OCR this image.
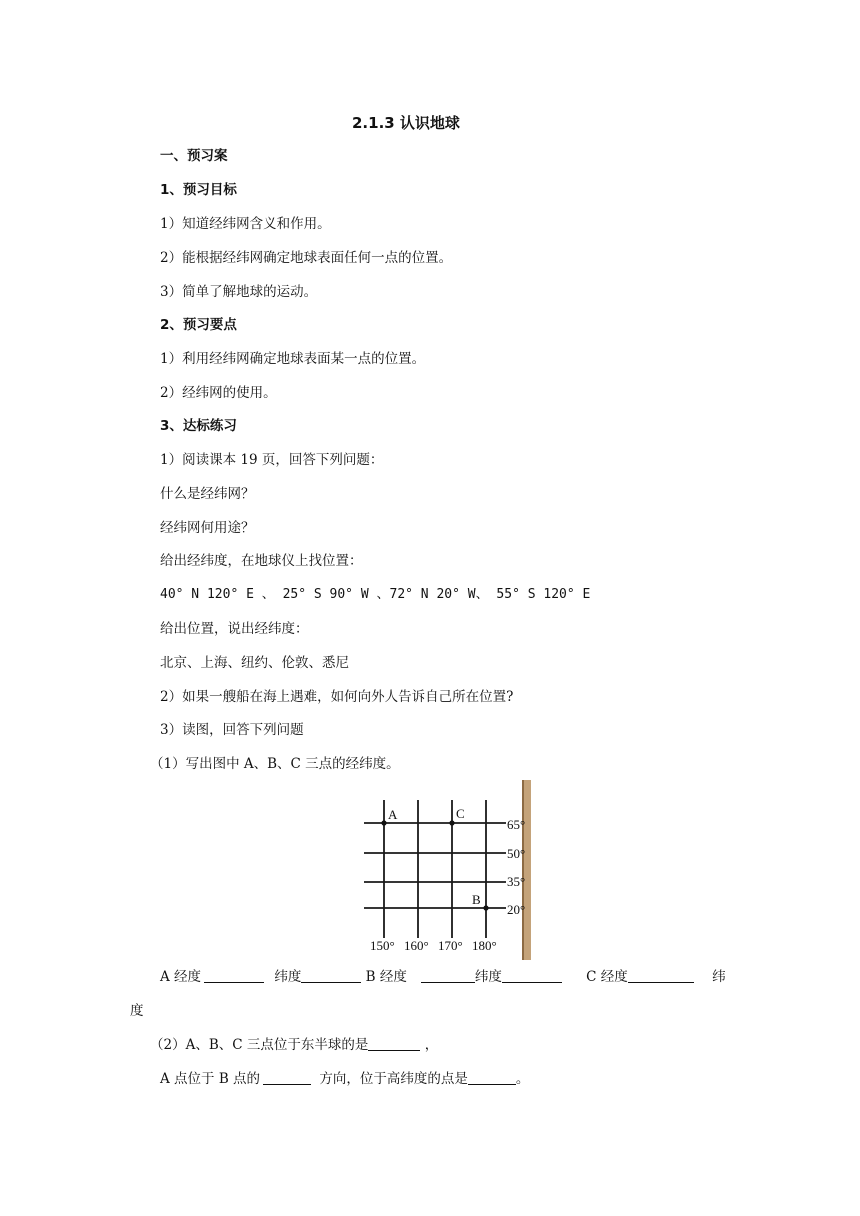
2.1.3 认识地球
一、预习案
1、预习目标
1）知道经纬网含义和作用。
2）能根据经纬网确定地球表面任何一点的位置。
3）简单了解地球的运动。
2、预习要点
1）利用经纬网确定地球表面某一点的位置。
2）经纬网的使用。
3、达标练习
1）阅读课本 19 页，回答下列问题：
什么是经纬网？
经纬网何用途？
给出经纬度，在地球仪上找位置：
40° N 120° E 、 25° S 90° W 、72° N 20° W、 55° S 120° E
给出位置，说出经纬度：
北京、上海、纽约、伦敦、悉尼
2）如果一艘船在海上遇难，如何向外人告诉自己所在位置?
3）读图，回答下列问题
（1）写出图中 A、B、C 三点的经纬度。
A	C
B
65°
50°
35°
20°
150° 160° 170° 180°
A 经度	纬度	B 经度	纬度	C 经度	纬
度
（2）A、B、C 三点位于东半球的是	，
A 点位于 B 点的	方向，位于高纬度的点是	。
